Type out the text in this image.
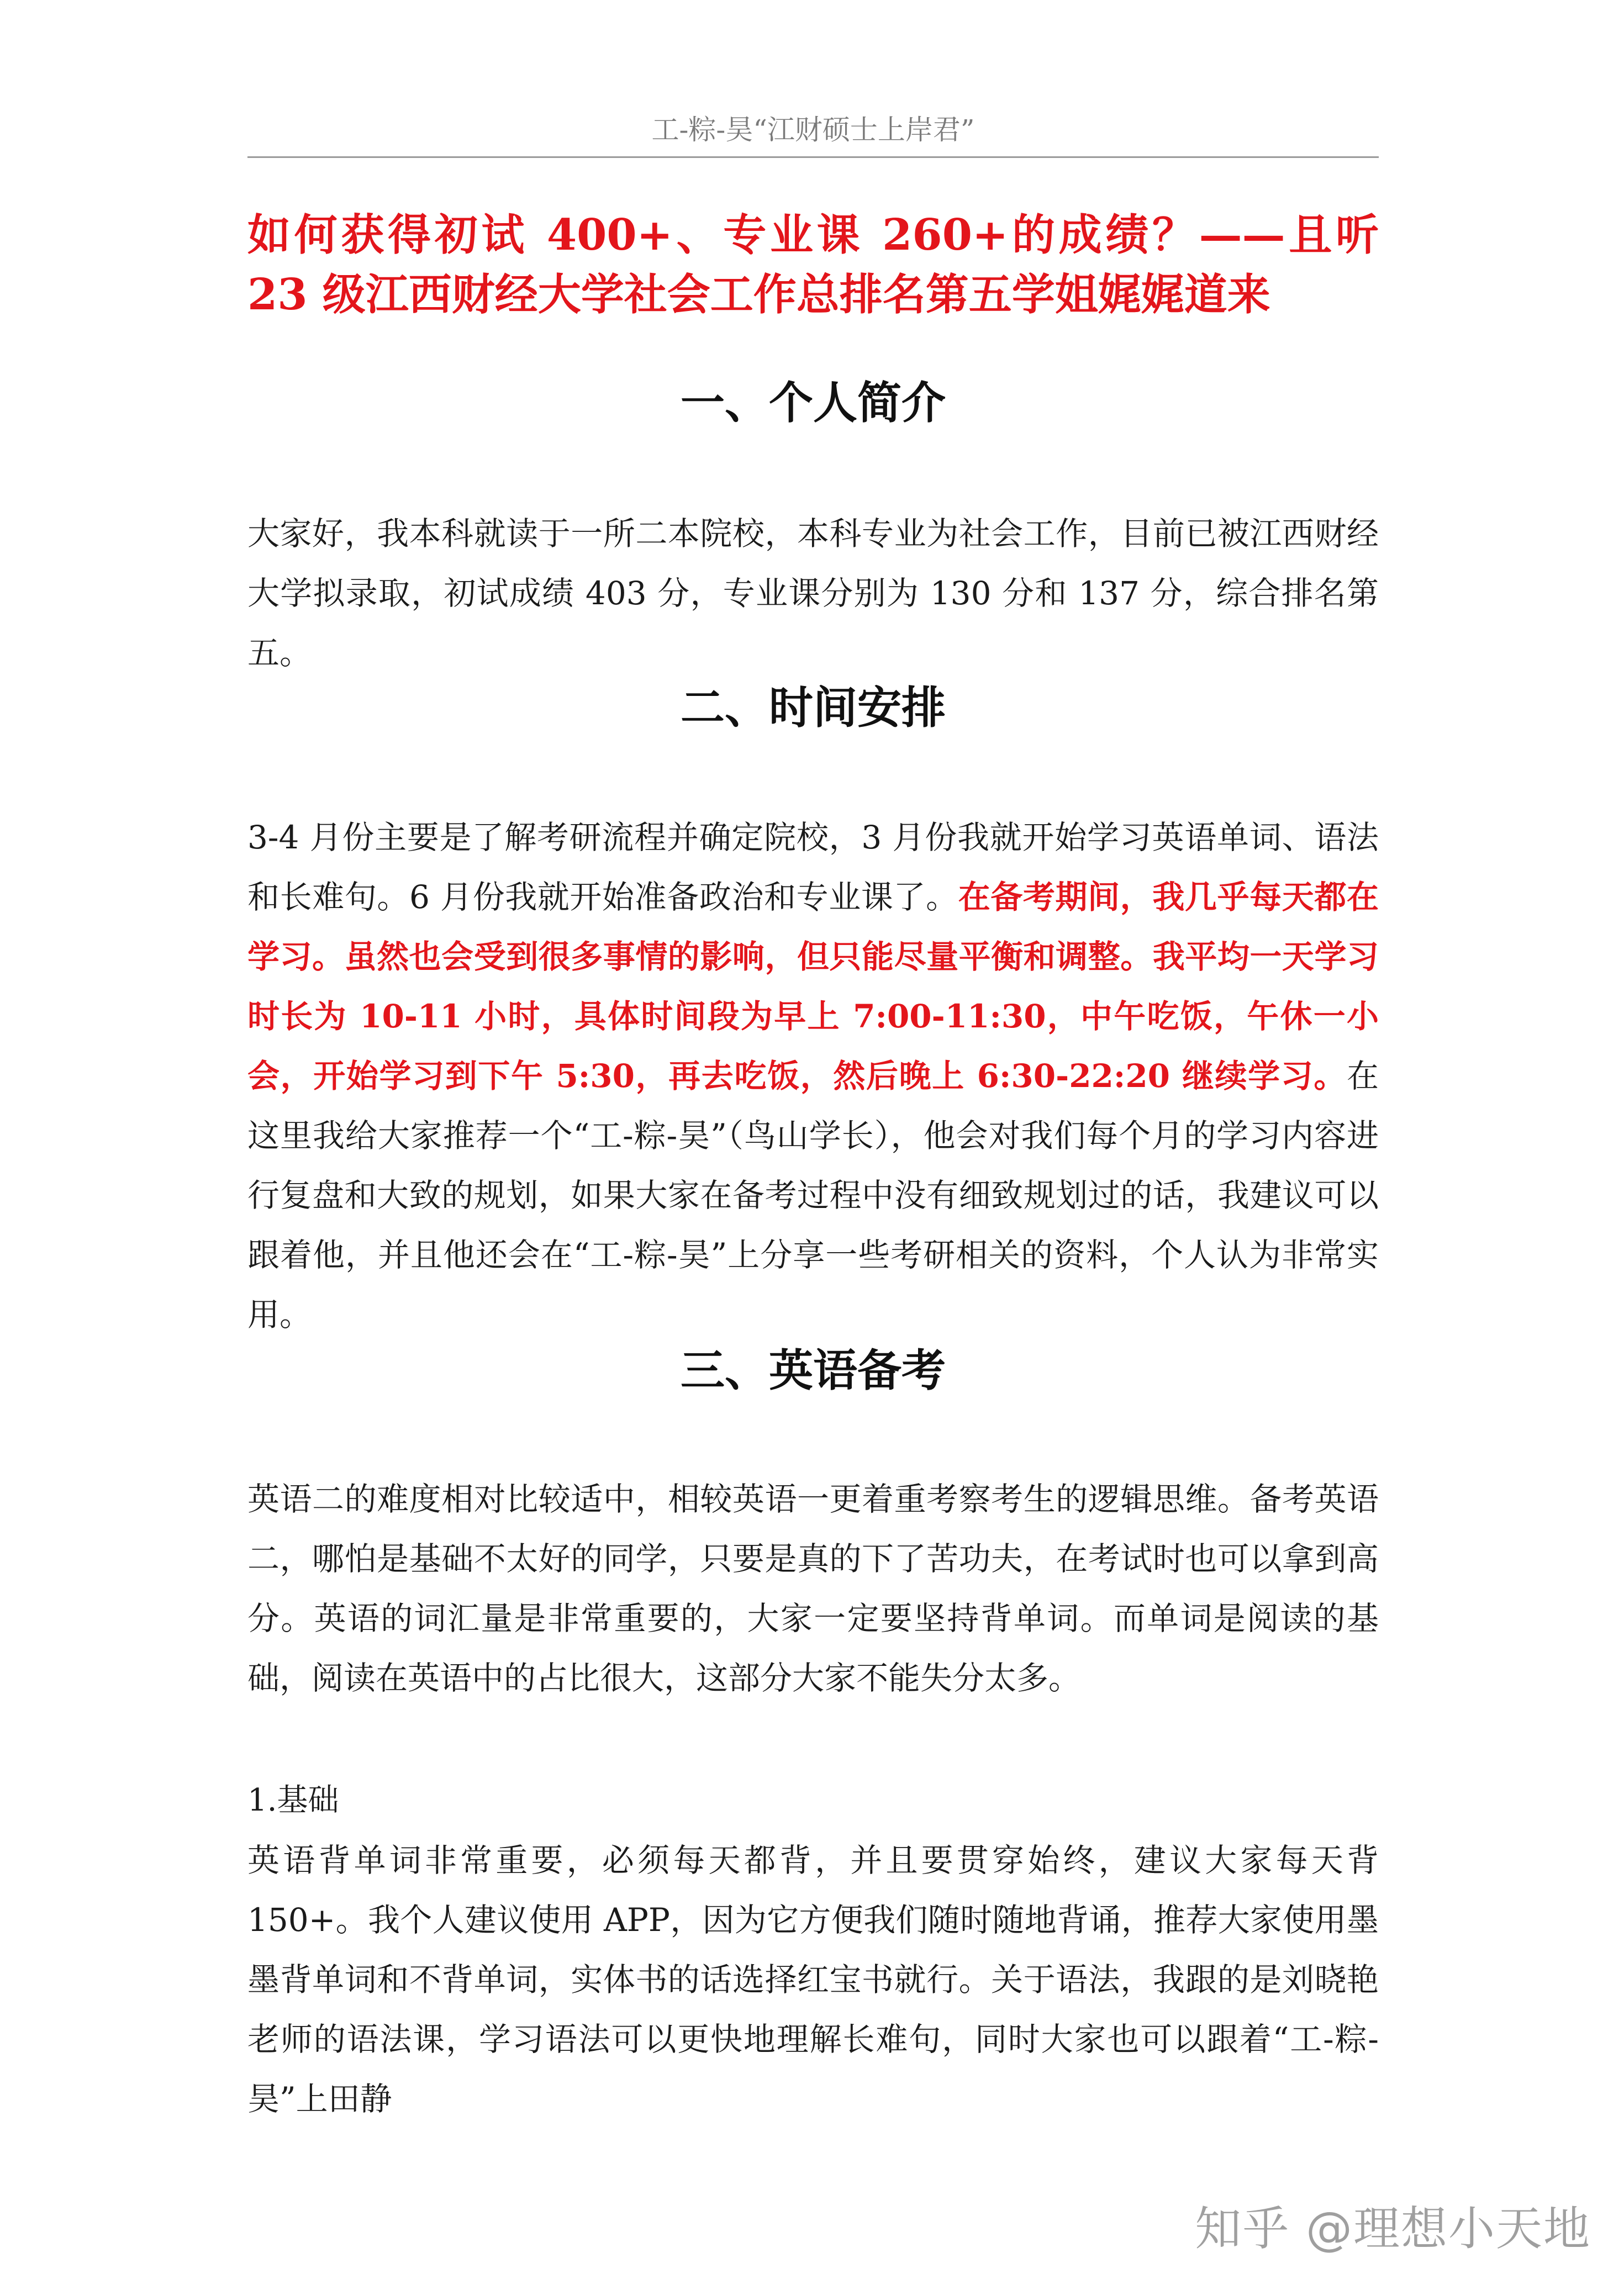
工-粽-昊“江财硕士上岸君”
如何获得初试 400+、专业课 260+的成绩？——且听 23 级江西财经大学社会工作总排名第五学姐娓娓道来
一、个人简介

大家好，我本科就读于一所二本院校，本科专业为社会工作，目前已被江西财经大学拟录取，初试成绩 403 分，专业课分别为 130 分和 137 分，综合排名第五。

二、时间安排

3-4 月份主要是了解考研流程并确定院校，3 月份我就开始学习英语单词、语法和长难句。6 月份我就开始准备政治和专业课了。在备考期间，我几乎每天都在学习。虽然也会受到很多事情的影响，但只能尽量平衡和调整。我平均一天学习时长为 10-11 小时，具体时间段为早上 7:00-11:30，中午吃饭，午休一小会，开始学习到下午 5:30，再去吃饭，然后晚上 6:30-22:20 继续学习。在这里我给大家推荐一个“工-粽-昊”（鸟山学长），他会对我们每个月的学习内容进行复盘和大致的规划，如果大家在备考过程中没有细致规划过的话，我建议可以跟着他，并且他还会在“工-粽-昊”上分享一些考研相关的资料，个人认为非常实用。

三、英语备考

英语二的难度相对比较适中，相较英语一更着重考察考生的逻辑思维。备考英语二，哪怕是基础不太好的同学，只要是真的下了苦功夫，在考试时也可以拿到高分。英语的词汇量是非常重要的，大家一定要坚持背单词。而单词是阅读的基础，阅读在英语中的占比很大，这部分大家不能失分太多。

1.基础

英语背单词非常重要，必须每天都背，并且要贯穿始终，建议大家每天背 150+。我个人建议使用 APP，因为它方便我们随时随地背诵，推荐大家使用墨墨背单词和不背单词，实体书的话选择红宝书就行。关于语法，我跟的是刘晓艳老师的语法课，学习语法可以更快地理解长难句，同时大家也可以跟着“工-粽-昊”上田静

知乎 @理想小天地
